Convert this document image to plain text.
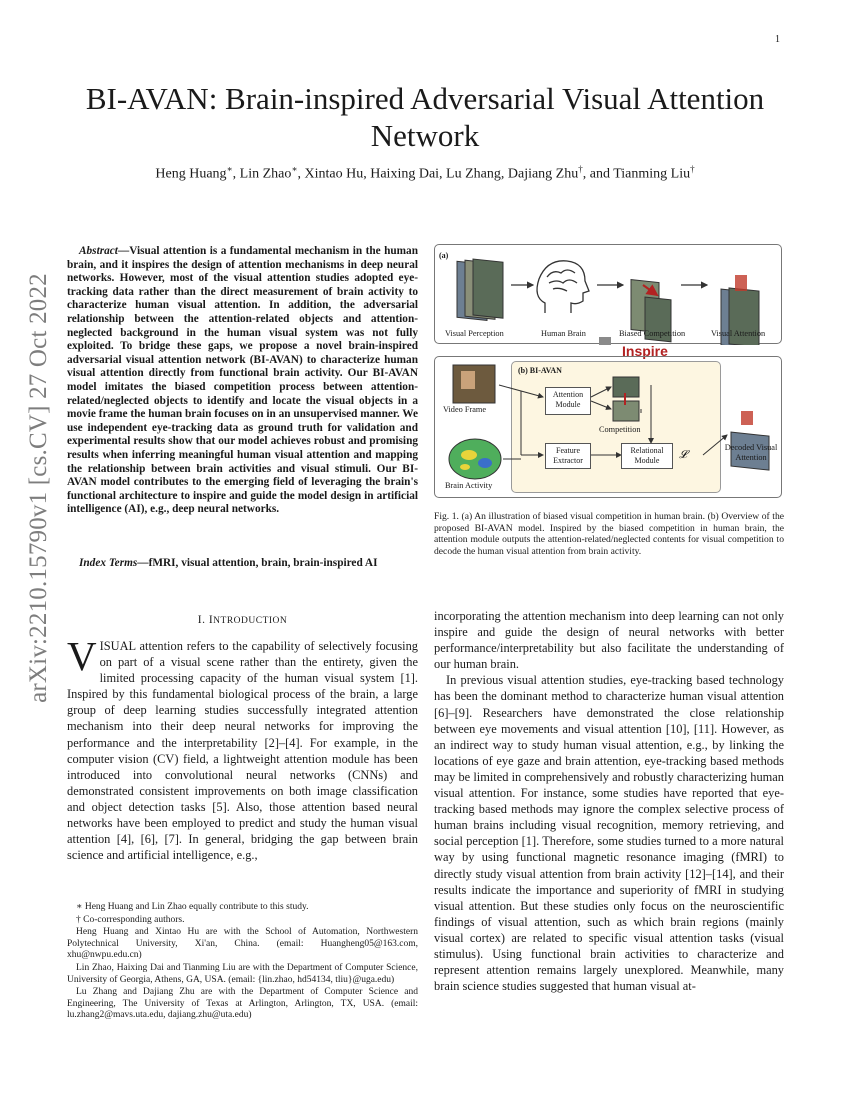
1
arXiv:2210.15790v1 [cs.CV] 27 Oct 2022
BI-AVAN: Brain-inspired Adversarial Visual Attention Network
Heng Huang∗, Lin Zhao∗, Xintao Hu, Haixing Dai, Lu Zhang, Dajiang Zhu†, and Tianming Liu†
Abstract—Visual attention is a fundamental mechanism in the human brain, and it inspires the design of attention mechanisms in deep neural networks. However, most of the visual attention studies adopted eye-tracking data rather than the direct measurement of brain activity to characterize human visual attention. In addition, the adversarial relationship between the attention-related objects and attention-neglected background in the human visual system was not fully exploited. To bridge these gaps, we propose a novel brain-inspired adversarial visual attention network (BI-AVAN) to characterize human visual attention directly from functional brain activity. Our BI-AVAN model imitates the biased competition process between attention-related/neglected objects to identify and locate the visual objects in a movie frame the human brain focuses on in an unsupervised manner. We use independent eye-tracking data as ground truth for validation and experimental results show that our model achieves robust and promising results when inferring meaningful human visual attention and mapping the relationship between brain activities and visual stimuli. Our BI-AVAN model contributes to the emerging field of leveraging the brain's functional architecture to inspire and guide the model design in artificial intelligence (AI), e.g., deep neural networks.
Index Terms—fMRI, visual attention, brain, brain-inspired AI
(a)
Visual Perception	Human Brain	Biased Competition	Visual Attention
Inspire
(b) BI-AVAN
Video Frame
Brain Activity
Attention Module
Competition
Feature Extractor
Relational Module	𝓛
Decoded Visual Attention
Fig. 1. (a) An illustration of biased visual competition in human brain. (b) Overview of the proposed BI-AVAN model. Inspired by the biased competition in human brain, the attention module outputs the attention-related/neglected contents for visual competition to decode the human visual attention from brain activity.
I. INTRODUCTION
VISUAL attention refers to the capability of selectively focusing on part of a visual scene rather than the entirety, given the limited processing capacity of the human visual system [1]. Inspired by this fundamental biological process of the brain, a large group of deep learning studies successfully integrated attention mechanism into their deep neural networks for improving the performance and the interpretability [2]–[4]. For example, in the computer vision (CV) field, a lightweight attention module has been introduced into convolutional neural networks (CNNs) and demonstrated consistent improvements on both image classification and object detection tasks [5]. Also, those attention based neural networks have been employed to predict and study the human visual attention [4], [6], [7]. In general, bridging the gap between brain science and artificial intelligence, e.g.,

incorporating the attention mechanism into deep learning can not only inspire and guide the design of neural networks with better performance/interpretability but also facilitate the understanding of our human brain.

In previous visual attention studies, eye-tracking based technology has been the dominant method to characterize human visual attention [6]–[9]. Researchers have demonstrated the close relationship between eye movements and visual attention [10], [11]. However, as an indirect way to study human visual attention, e.g., by linking the locations of eye gaze and brain attention, eye-tracking based methods may be limited in comprehensively and robustly characterizing human visual attention. For instance, some studies have reported that eye-tracking based methods may ignore the complex selective process of human brains including visual recognition, memory retrieving, and social perception [1]. Therefore, some studies turned to a more natural way by using functional magnetic resonance imaging (fMRI) to directly study visual attention from brain activity [12]–[14], and their results indicate the importance and superiority of fMRI in studying visual attention. But these studies only focus on the neuroscientific findings of visual attention, such as which brain regions (mainly visual cortex) are related to specific visual attention tasks (visual stimulus). Using functional brain activities to characterize and represent attention remains largely unexplored. Meanwhile, many brain science studies suggested that human visual at-

∗ Heng Huang and Lin Zhao equally contribute to this study.

† Co-corresponding authors.

Heng Huang and Xintao Hu are with the School of Automation, Northwestern Polytechnical University, Xi'an, China. (email: Huangheng05@163.com, xhu@nwpu.edu.cn)

Lin Zhao, Haixing Dai and Tianming Liu are with the Department of Computer Science, University of Georgia, Athens, GA, USA. (email: {lin.zhao, hd54134, tliu}@uga.edu)

Lu Zhang and Dajiang Zhu are with the Department of Computer Science and Engineering, The University of Texas at Arlington, Arlington, TX, USA. (email: lu.zhang2@mavs.uta.edu, dajiang.zhu@uta.edu)
